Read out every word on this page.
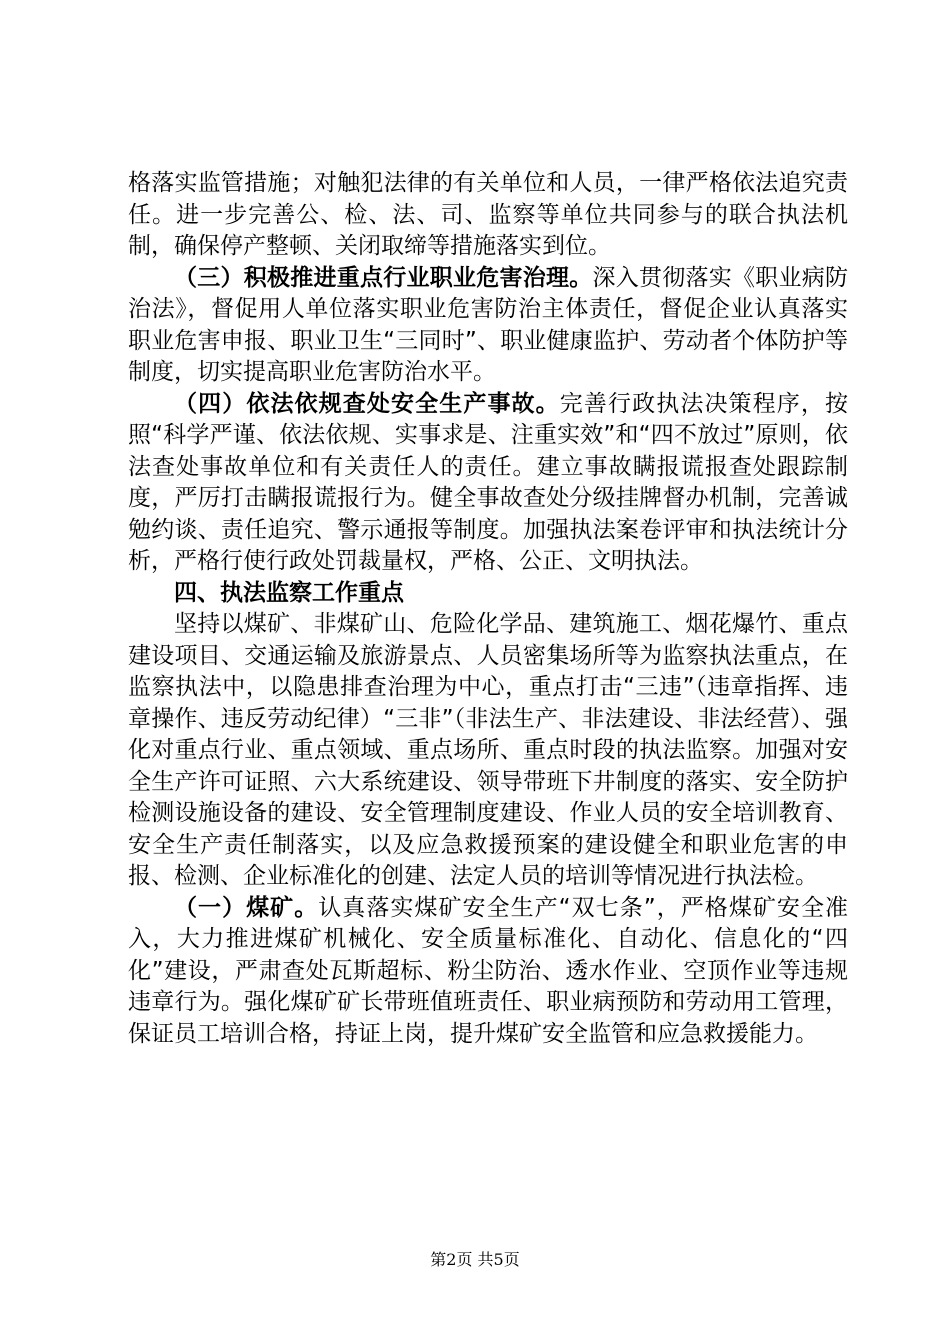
格落实监管措施；对触犯法律的有关单位和人员，一律严格依法追究责任。进一步完善公、检、法、司、监察等单位共同参与的联合执法机制，确保停产整顿、关闭取缔等措施落实到位。

（三）积极推进重点行业职业危害治理。深入贯彻落实《职业病防治法》，督促用人单位落实职业危害防治主体责任，督促企业认真落实职业危害申报、职业卫生“三同时”、职业健康监护、劳动者个体防护等制度，切实提高职业危害防治水平。

（四）依法依规查处安全生产事故。完善行政执法决策程序，按照“科学严谨、依法依规、实事求是、注重实效”和“四不放过”原则，依法查处事故单位和有关责任人的责任。建立事故瞒报谎报查处跟踪制度，严厉打击瞒报谎报行为。健全事故查处分级挂牌督办机制，完善诚勉约谈、责任追究、警示通报等制度。加强执法案卷评审和执法统计分析，严格行使行政处罚裁量权，严格、公正、文明执法。

四、执法监察工作重点

坚持以煤矿、非煤矿山、危险化学品、建筑施工、烟花爆竹、重点建设项目、交通运输及旅游景点、人员密集场所等为监察执法重点，在监察执法中，以隐患排查治理为中心，重点打击“三违”（违章指挥、违章操作、违反劳动纪律）“三非”（非法生产、非法建设、非法经营）、强化对重点行业、重点领域、重点场所、重点时段的执法监察。加强对安全生产许可证照、六大系统建设、领导带班下井制度的落实、安全防护检测设施设备的建设、安全管理制度建设、作业人员的安全培训教育、安全生产责任制落实，以及应急救援预案的建设健全和职业危害的申报、检测、企业标准化的创建、法定人员的培训等情况进行执法检。

（一）煤矿。认真落实煤矿安全生产“双七条”，严格煤矿安全准入，大力推进煤矿机械化、安全质量标准化、自动化、信息化的“四化”建设，严肃查处瓦斯超标、粉尘防治、透水作业、空顶作业等违规违章行为。强化煤矿矿长带班值班责任、职业病预防和劳动用工管理，保证员工培训合格，持证上岗，提升煤矿安全监管和应急救援能力。

第2页 共5页
